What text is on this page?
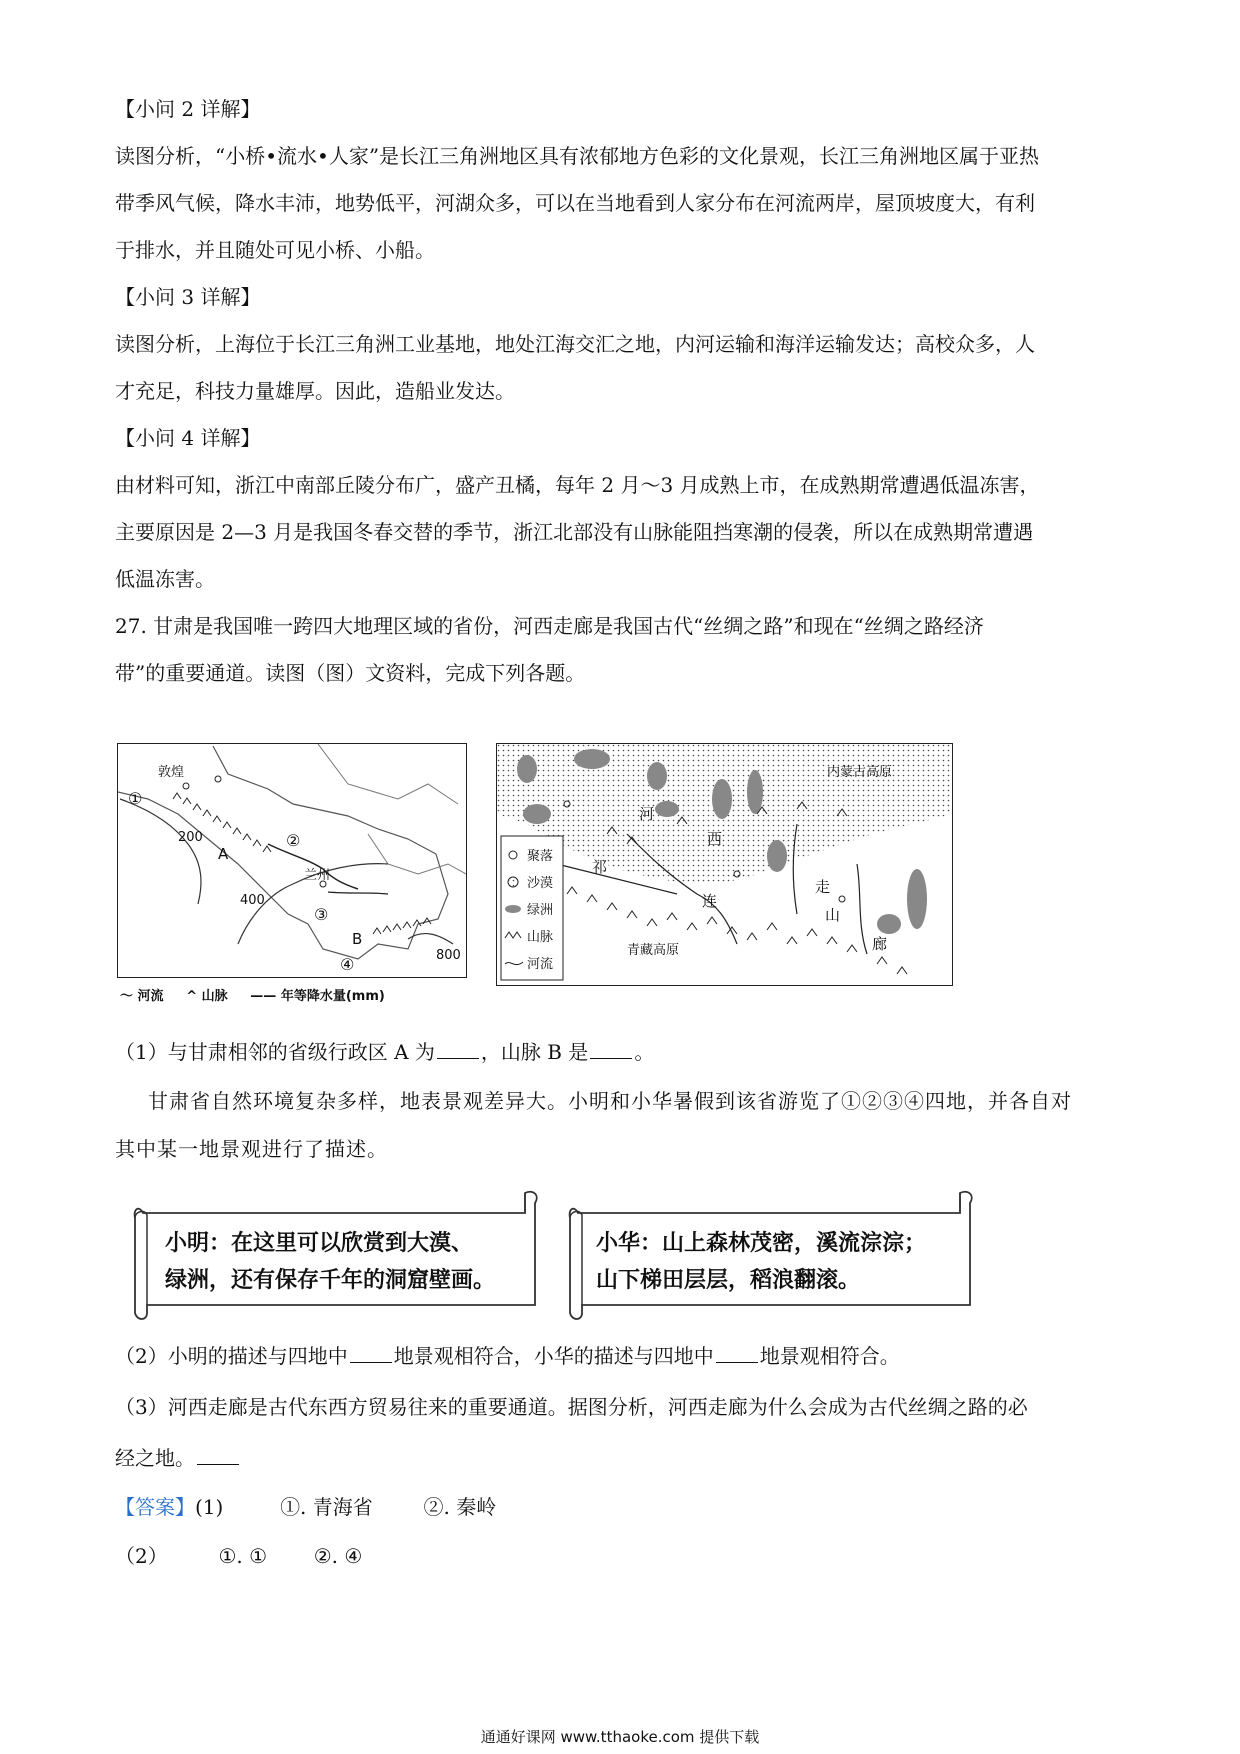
【小问 2 详解】
读图分析，“小桥•流水•人家”是长江三角洲地区具有浓郁地方色彩的文化景观，长江三角洲地区属于亚热
带季风气候，降水丰沛，地势低平，河湖众多，可以在当地看到人家分布在河流两岸，屋顶坡度大，有利
于排水，并且随处可见小桥、小船。
【小问 3 详解】
读图分析，上海位于长江三角洲工业基地，地处江海交汇之地，内河运输和海洋运输发达；高校众多，人
才充足，科技力量雄厚。因此，造船业发达。
【小问 4 详解】
由材料可知，浙江中南部丘陵分布广，盛产丑橘，每年 2 月～3 月成熟上市，在成熟期常遭遇低温冻害，
主要原因是 2—3 月是我国冬春交替的季节，浙江北部没有山脉能阻挡寒潮的侵袭，所以在成熟期常遭遇
低温冻害。
27. 甘肃是我国唯一跨四大地理区域的省份，河西走廊是我国古代“丝绸之路”和现在“丝绸之路经济
带”的重要通道。读图（图）文资料，完成下列各题。
敦煌
①
②
③
④
A
B
兰州
200
400
800
〜 河流 ^ 山脉 —— 年等降水量(mm)
内蒙古高原
青藏高原
河
西
走
廊
祁
连
山
聚落
沙漠
绿洲
山脉
河流
（1）与甘肃相邻的省级行政区 A 为 ，山脉 B 是 。
甘肃省自然环境复杂多样，地表景观差异大。小明和小华暑假到该省游览了①②③④四地，并各自对
其中某一地景观进行了描述。
小明：在这里可以欣赏到大漠、
绿洲，还有保存千年的洞窟壁画。
小华：山上森林茂密，溪流淙淙；
山下梯田层层，稻浪翻滚。
（2）小明的描述与四地中 地景观相符合，小华的描述与四地中 地景观相符合。
（3）河西走廊是古代东西方贸易往来的重要通道。据图分析，河西走廊为什么会成为古代丝绸之路的必
经之地。
【答案】(1)	①. 青海省	②. 秦岭
（2）	①. ① ②. ④
通通好课网 www.tthaoke.com 提供下载
